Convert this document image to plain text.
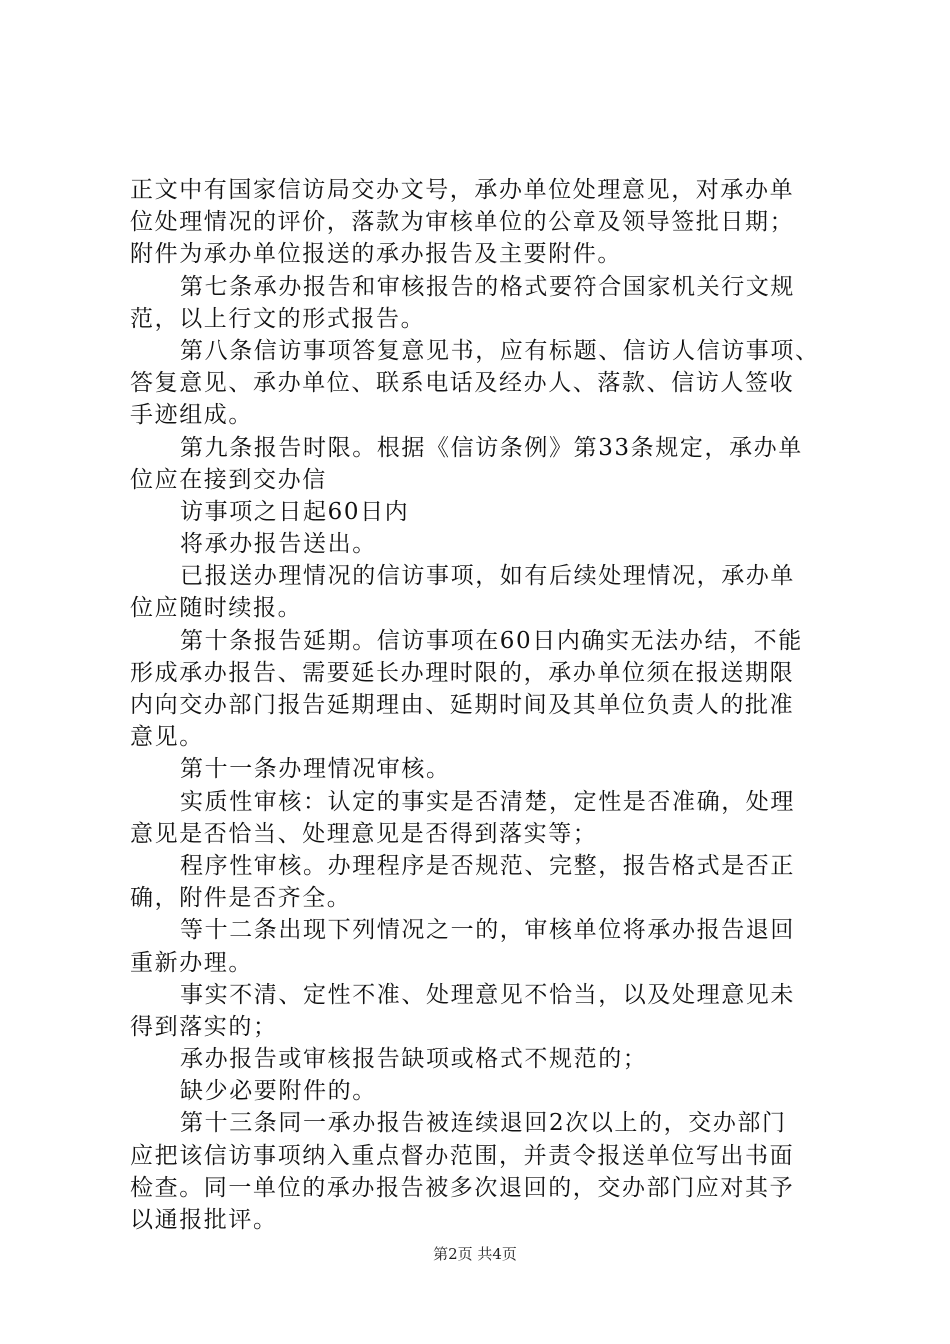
正文中有国家信访局交办文号，承办单位处理意见，对承办单
位处理情况的评价，落款为审核单位的公章及领导签批日期；
附件为承办单位报送的承办报告及主要附件。
第七条承办报告和审核报告的格式要符合国家机关行文规
范，以上行文的形式报告。
第八条信访事项答复意见书，应有标题、信访人信访事项、
答复意见、承办单位、联系电话及经办人、落款、信访人签收
手迹组成。
第九条报告时限。根据《信访条例》第33条规定，承办单
位应在接到交办信
访事项之日起60日内
将承办报告送出。
已报送办理情况的信访事项，如有后续处理情况，承办单
位应随时续报。
第十条报告延期。信访事项在60日内确实无法办结，不能
形成承办报告、需要延长办理时限的，承办单位须在报送期限
内向交办部门报告延期理由、延期时间及其单位负责人的批准
意见。
第十一条办理情况审核。
实质性审核：认定的事实是否清楚，定性是否准确，处理
意见是否恰当、处理意见是否得到落实等；
程序性审核。办理程序是否规范、完整，报告格式是否正
确，附件是否齐全。
等十二条出现下列情况之一的，审核单位将承办报告退回
重新办理。
事实不清、定性不准、处理意见不恰当，以及处理意见未
得到落实的；
承办报告或审核报告缺项或格式不规范的；
缺少必要附件的。
第十三条同一承办报告被连续退回2次以上的，交办部门
应把该信访事项纳入重点督办范围，并责令报送单位写出书面
检查。同一单位的承办报告被多次退回的，交办部门应对其予
以通报批评。
第2页 共4页
